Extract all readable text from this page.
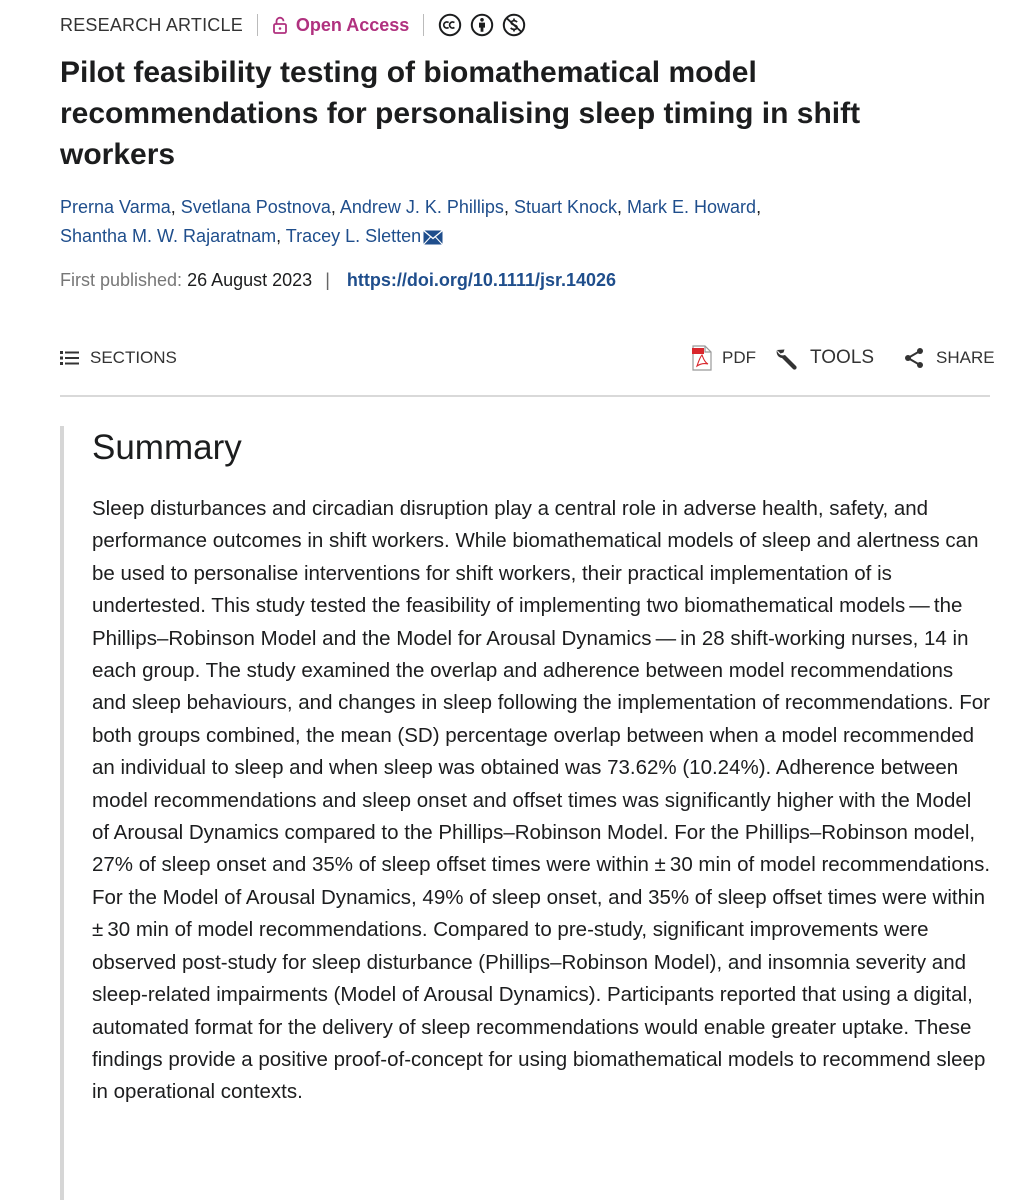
RESEARCH ARTICLE	Open Access
Pilot feasibility testing of biomathematical model recommendations for personalising sleep timing in shift workers
Prerna Varma, Svetlana Postnova, Andrew J. K. Phillips, Stuart Knock, Mark E. Howard,
Shantha M. W. Rajaratnam, Tracey L. Sletten
First published: 26 August 2023 | https://doi.org/10.1111/jsr.14026
SECTIONS	PDF	TOOLS	SHARE
Summary

Sleep disturbances and circadian disruption play a central role in adverse health, safety, and performance outcomes in shift workers. While biomathematical models of sleep and alertness can be used to personalise interventions for shift workers, their practical implementation of is undertested. This study tested the feasibility of implementing two biomathematical models — the Phillips–Robinson Model and the Model for Arousal Dynamics — in 28 shift-working nurses, 14 in each group. The study examined the overlap and adherence between model recommendations and sleep behaviours, and changes in sleep following the implementation of recommendations. For both groups combined, the mean (SD) percentage overlap between when a model recommended an individual to sleep and when sleep was obtained was 73.62% (10.24%). Adherence between model recommendations and sleep onset and offset times was significantly higher with the Model of Arousal Dynamics compared to the Phillips–Robinson Model. For the Phillips–Robinson model, 27% of sleep onset and 35% of sleep offset times were within ± 30 min of model recommendations. For the Model of Arousal Dynamics, 49% of sleep onset, and 35% of sleep offset times were within ± 30 min of model recommendations. Compared to pre-study, significant improvements were observed post-study for sleep disturbance (Phillips–Robinson Model), and insomnia severity and sleep-related impairments (Model of Arousal Dynamics). Participants reported that using a digital, automated format for the delivery of sleep recommendations would enable greater uptake. These findings provide a positive proof-of-concept for using biomathematical models to recommend sleep in operational contexts.
